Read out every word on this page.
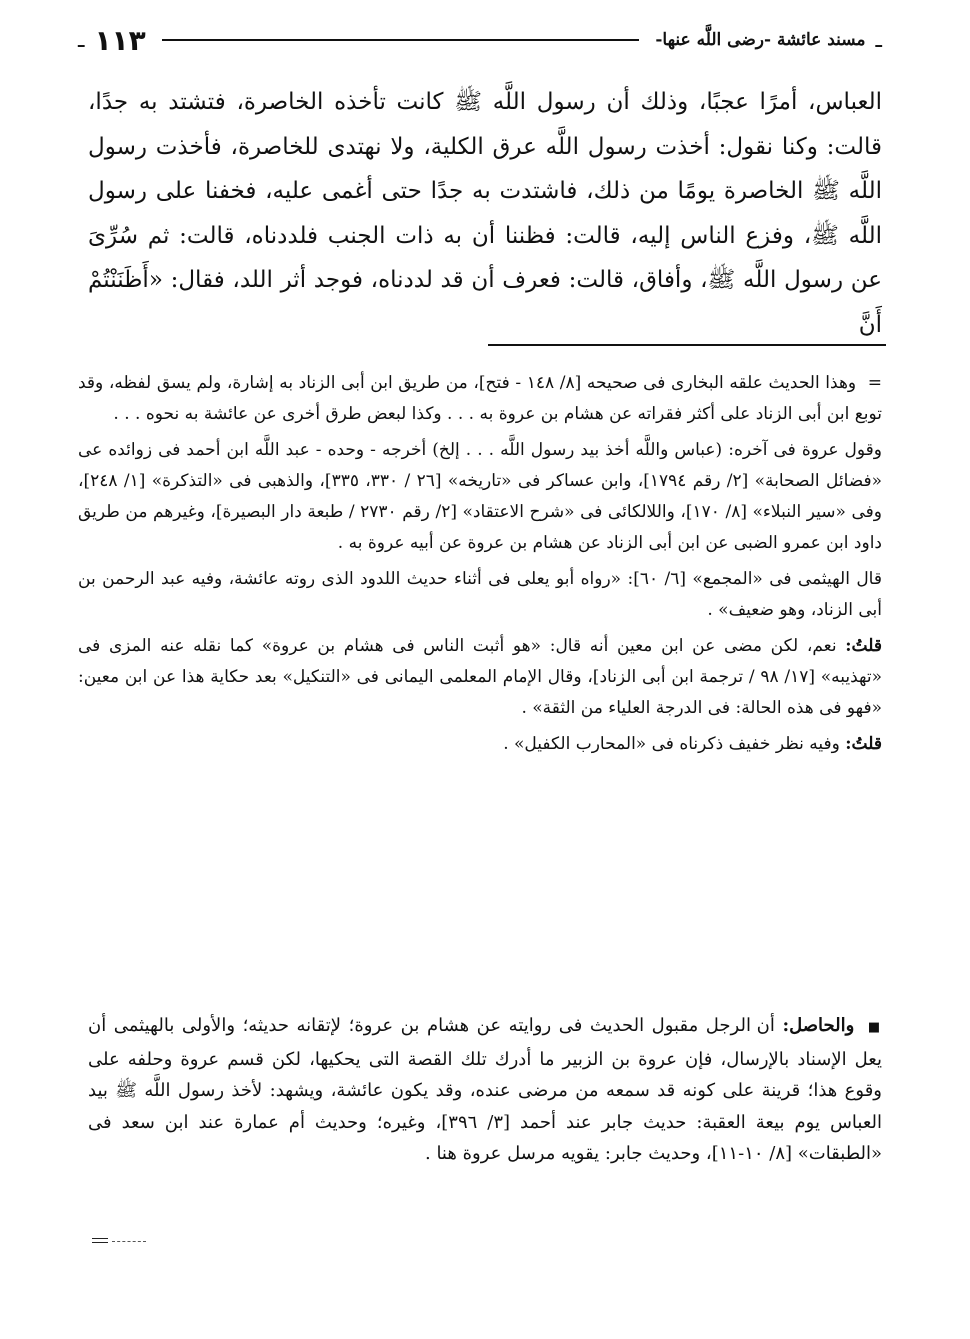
ـ
مسند عائشة -رضى اللَّه عنها-
١١٣
ـ

العباس، أمرًا عجبًا، وذلك أن رسول اللَّه ﷺ كانت تأخذه الخاصرة، فتشتد به جدًا، قالت: وكنا نقول: أخذت رسول اللَّه عرق الكلية، ولا نهتدى للخاصرة، فأخذت رسول اللَّه ﷺ الخاصرة يومًا من ذلك، فاشتدت به جدًا حتى أغمى عليه، فخفنا على رسول اللَّه ﷺ، وفزع الناس إليه، قالت: فظننا أن به ذات الجنب فلددناه، قالت: ثم سُرِّىَ عن رسول اللَّه ﷺ، وأفاق، قالت: فعرف أن قد لددناه، فوجد أثر اللد، فقال: «أَظَنَنْتُمْ أَنَّ

= وهذا الحديث علقه البخارى فى صحيحه [٨/ ١٤٨ - فتح]، من طريق ابن أبى الزناد به إشارة، ولم يسق لفظه، وقد توبع ابن أبى الزناد على أكثر فقراته عن هشام بن عروة به . . . وكذا لبعض طرق أخرى عن عائشة به نحوه . . .

وقول عروة فى آخره: (عباس واللَّه أخذ بيد رسول اللَّه . . . إلخ) أخرجه - وحده - عبد اللَّه ابن أحمد فى زوائده عى «فضائل الصحابة» [٢/ رقم ١٧٩٤]، وابن عساكر فى «تاريخه» [٢٦ / ٣٣٠، ٣٣٥]، والذهبى فى «التذكرة» [١/ ٢٤٨]، وفى «سير النبلاء» [٨/ ١٧٠]، واللالكائى فى «شرح الاعتقاد» [٢/ رقم ٢٧٣٠ / طبعة دار البصيرة]، وغيرهم من طريق داود ابن عمرو الضبى عن ابن أبى الزناد عن هشام بن عروة عن أبيه عروة به .

قال الهيثمى فى «المجمع» [٦/ ٦٠]: «رواه أبو يعلى فى أثناء حديث اللدود الذى روته عائشة، وفيه عبد الرحمن بن أبى الزناد، وهو ضعيف» .

قلتُ: نعم، لكن مضى عن ابن معين أنه قال: «هو أثبت الناس فى هشام بن عروة» كما نقله عنه المزى فى «تهذيبه» [١٧/ ٩٨ / ترجمة ابن أبى الزناد]، وقال الإمام المعلمى اليمانى فى «التنكيل» بعد حكاية هذا عن ابن معين: «فهو فى هذه الحالة: فى الدرجة العلياء من الثقة» .

قلتُ: وفيه نظر خفيف ذكرناه فى «المحارب الكفيل» .

■ والحاصل: أن الرجل مقبول الحديث فى روايته عن هشام بن عروة؛ لإتقانه حديثه؛ والأولى بالهيثمى أن يعل الإسناد بالإرسال، فإن عروة بن الزبير ما أدرك تلك القصة التى يحكيها، لكن قسم عروة وحلفه على وقوع هذا؛ قرينة على كونه قد سمعه من مرضى عنده، وقد يكون عائشة، ويشهد: لأخذ رسول اللَّه ﷺ بيد العباس يوم بيعة العقبة: حديث جابر عند أحمد [٣/ ٣٩٦]، وغيره؛ وحديث أم عمارة عند ابن سعد فى «الطبقات» [٨/ ١٠-١١]، وحديث جابر: يقويه مرسل عروة هنا .
